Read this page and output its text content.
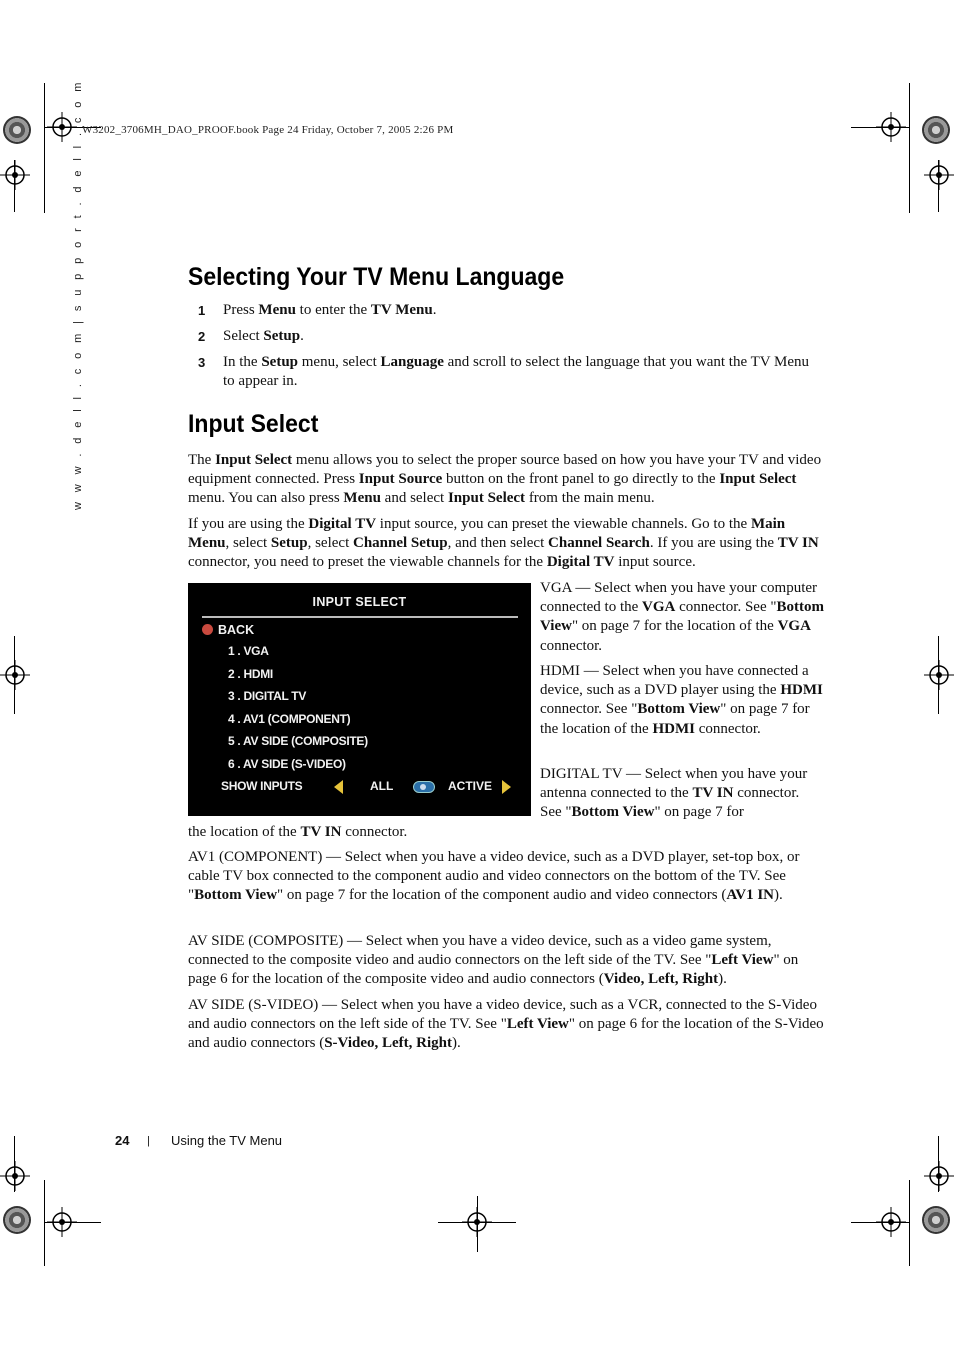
W3202_3706MH_DAO_PROOF.book Page 24 Friday, October 7, 2005 2:26 PM
w w w . d e l l . c o m | s u p p o r t . d e l l . c o m	Selecting Your TV Menu Language
1 Press Menu to enter the TV Menu.
2 Select Setup.
3 In the Setup menu, select Language and scroll to select the language that you want the TV Menu to appear in.
Input Select

The Input Select menu allows you to select the proper source based on how you have your TV and video equipment connected. Press Input Source button on the front panel to go directly to the Input Select menu. You can also press Menu and select Input Select from the main menu.

If you are using the Digital TV input source, you can preset the viewable channels. Go to the Main Menu, select Setup, select Channel Setup, and then select Channel Search. If you are using the TV IN connector, you need to preset the viewable channels for the Digital TV input source.

INPUT SELECT
BACK
1 . VGA
2 . HDMI
3 . DIGITAL TV
4 . AV1 (COMPONENT)
5 . AV SIDE (COMPOSITE)
6 . AV SIDE (S-VIDEO)
SHOW INPUTS	ALL	ACTIVE

VGA — Select when you have your computer connected to the VGA connector. See "Bottom View" on page 7 for the location of the VGA connector.

HDMI — Select when you have connected a device, such as a DVD player using the HDMI connector. See "Bottom View" on page 7 for the location of the HDMI connector.

DIGITAL TV — Select when you have your antenna connected to the TV IN connector. See "Bottom View" on page 7 for

the location of the TV IN connector.

AV1 (COMPONENT) — Select when you have a video device, such as a DVD player, set-top box, or cable TV box connected to the component audio and video connectors on the bottom of the TV. See "Bottom View" on page 7 for the location of the component audio and video connectors (AV1 IN).

AV SIDE (COMPOSITE) — Select when you have a video device, such as a video game system, connected to the composite video and audio connectors on the left side of the TV. See "Left View" on page 6 for the location of the composite video and audio connectors (Video, Left, Right).

AV SIDE (S-VIDEO) — Select when you have a video device, such as a VCR, connected to the S-Video and audio connectors on the left side of the TV. See "Left View" on page 6 for the location of the S-Video and audio connectors (S-Video, Left, Right).

24 | Using the TV Menu
